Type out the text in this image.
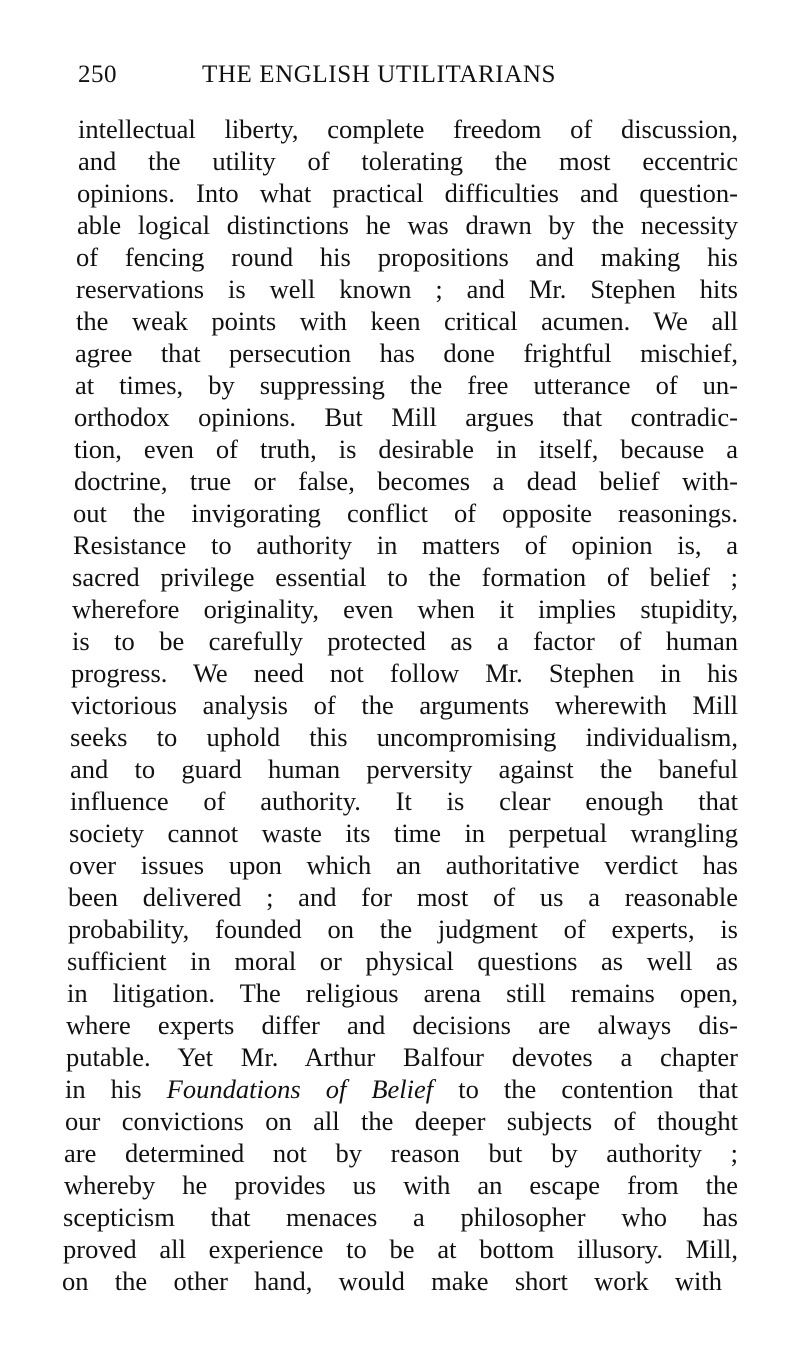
250	THE ENGLISH UTILITARIANS
intellectual liberty, complete freedom of discussion,
and the utility of tolerating the most eccentric
opinions. Into what practical difficulties and question-
able logical distinctions he was drawn by the necessity
of fencing round his propositions and making his
reservations is well known ; and Mr. Stephen hits
the weak points with keen critical acumen. We all
agree that persecution has done frightful mischief,
at times, by suppressing the free utterance of un-
orthodox opinions. But Mill argues that contradic-
tion, even of truth, is desirable in itself, because a
doctrine, true or false, becomes a dead belief with-
out the invigorating conflict of opposite reasonings.
Resistance to authority in matters of opinion is, a
sacred privilege essential to the formation of belief ;
wherefore originality, even when it implies stupidity,
is to be carefully protected as a factor of human
progress. We need not follow Mr. Stephen in his
victorious analysis of the arguments wherewith Mill
seeks to uphold this uncompromising individualism,
and to guard human perversity against the baneful
influence of authority. It is clear enough that
society cannot waste its time in perpetual wrangling
over issues upon which an authoritative verdict has
been delivered ; and for most of us a reasonable
probability, founded on the judgment of experts, is
sufficient in moral or physical questions as well as
in litigation. The religious arena still remains open,
where experts differ and decisions are always dis-
putable. Yet Mr. Arthur Balfour devotes a chapter
in his Foundations of Belief to the contention that
our convictions on all the deeper subjects of thought
are determined not by reason but by authority ;
whereby he provides us with an escape from the
scepticism that menaces a philosopher who has
proved all experience to be at bottom illusory. Mill,
on the other hand, would make short work with
